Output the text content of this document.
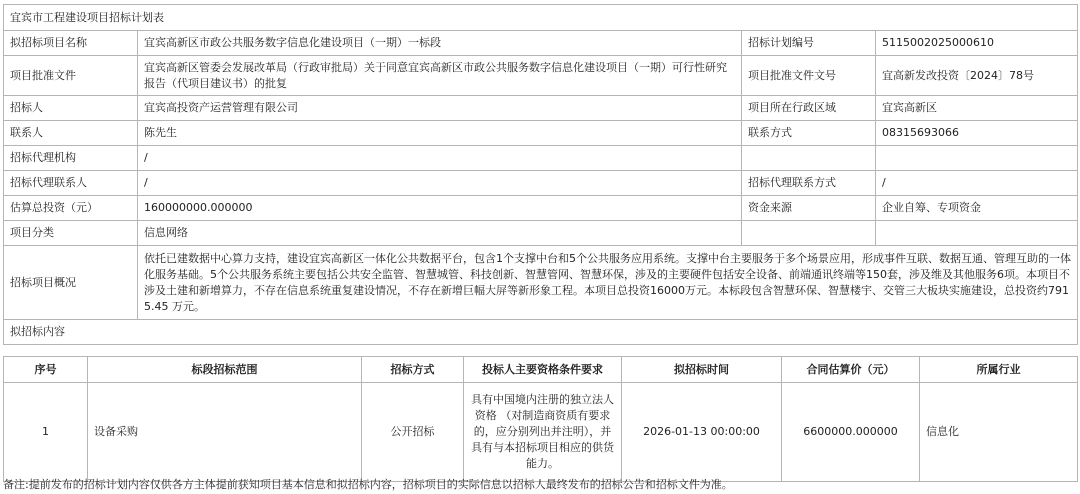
宜宾市工程建设项目招标计划表			
拟招标项目名称	宜宾高新区市政公共服务数字信息化建设项目（一期）一标段	招标计划编号	5115002025000610
项目批准文件	宜宾高新区管委会发展改革局（行政审批局）关于同意宜宾高新区市政公共服务数字信息化建设项目（一期）可行性研究报告（代项目建议书）的批复	项目批准文件文号	宜高新发改投资〔2024〕78号
招标人	宜宾高投资产运营管理有限公司	项目所在行政区域	宜宾高新区
联系人	陈先生	联系方式	08315693066
招标代理机构	/		
招标代理联系人	/	招标代理联系方式	/
估算总投资（元）	160000000.000000	资金来源	企业自筹、专项资金
项目分类	信息网络		
招标项目概况	依托已建数据中心算力支持，建设宜宾高新区一体化公共数据平台，包含1个支撑中台和5个公共服务应用系统。支撑中台主要服务于多个场景应用，形成事件互联、数据互通、管理互助的一体化服务基础。5个公共服务系统主要包括公共安全监管、智慧城管、科技创新、智慧管网、智慧环保，涉及的主要硬件包括安全设备、前端通讯终端等150套，涉及维及其他服务6项。本项目不涉及土建和新增算力，不存在信息系统重复建设情况，不存在新增巨幅大屏等新形象工程。本项目总投资16000万元。本标段包含智慧环保、智慧楼宇、交管三大板块实施建设，总投资约7915.45 万元。		
拟招标内容			
序号	标段招标范围	招标方式	投标人主要资格条件要求	拟招标时间	合同估算价（元）	所属行业
1	设备采购	公开招标	具有中国境内注册的独立法人资格 （对制造商资质有要求的，应分别列出并注明），并具有与本招标项目相应的供货能力。	2026-01-13 00:00:00	6600000.000000	信息化
备注:提前发布的招标计划内容仅供各方主体提前获知项目基本信息和拟招标内容，招标项目的实际信息以招标人最终发布的招标公告和招标文件为准。
